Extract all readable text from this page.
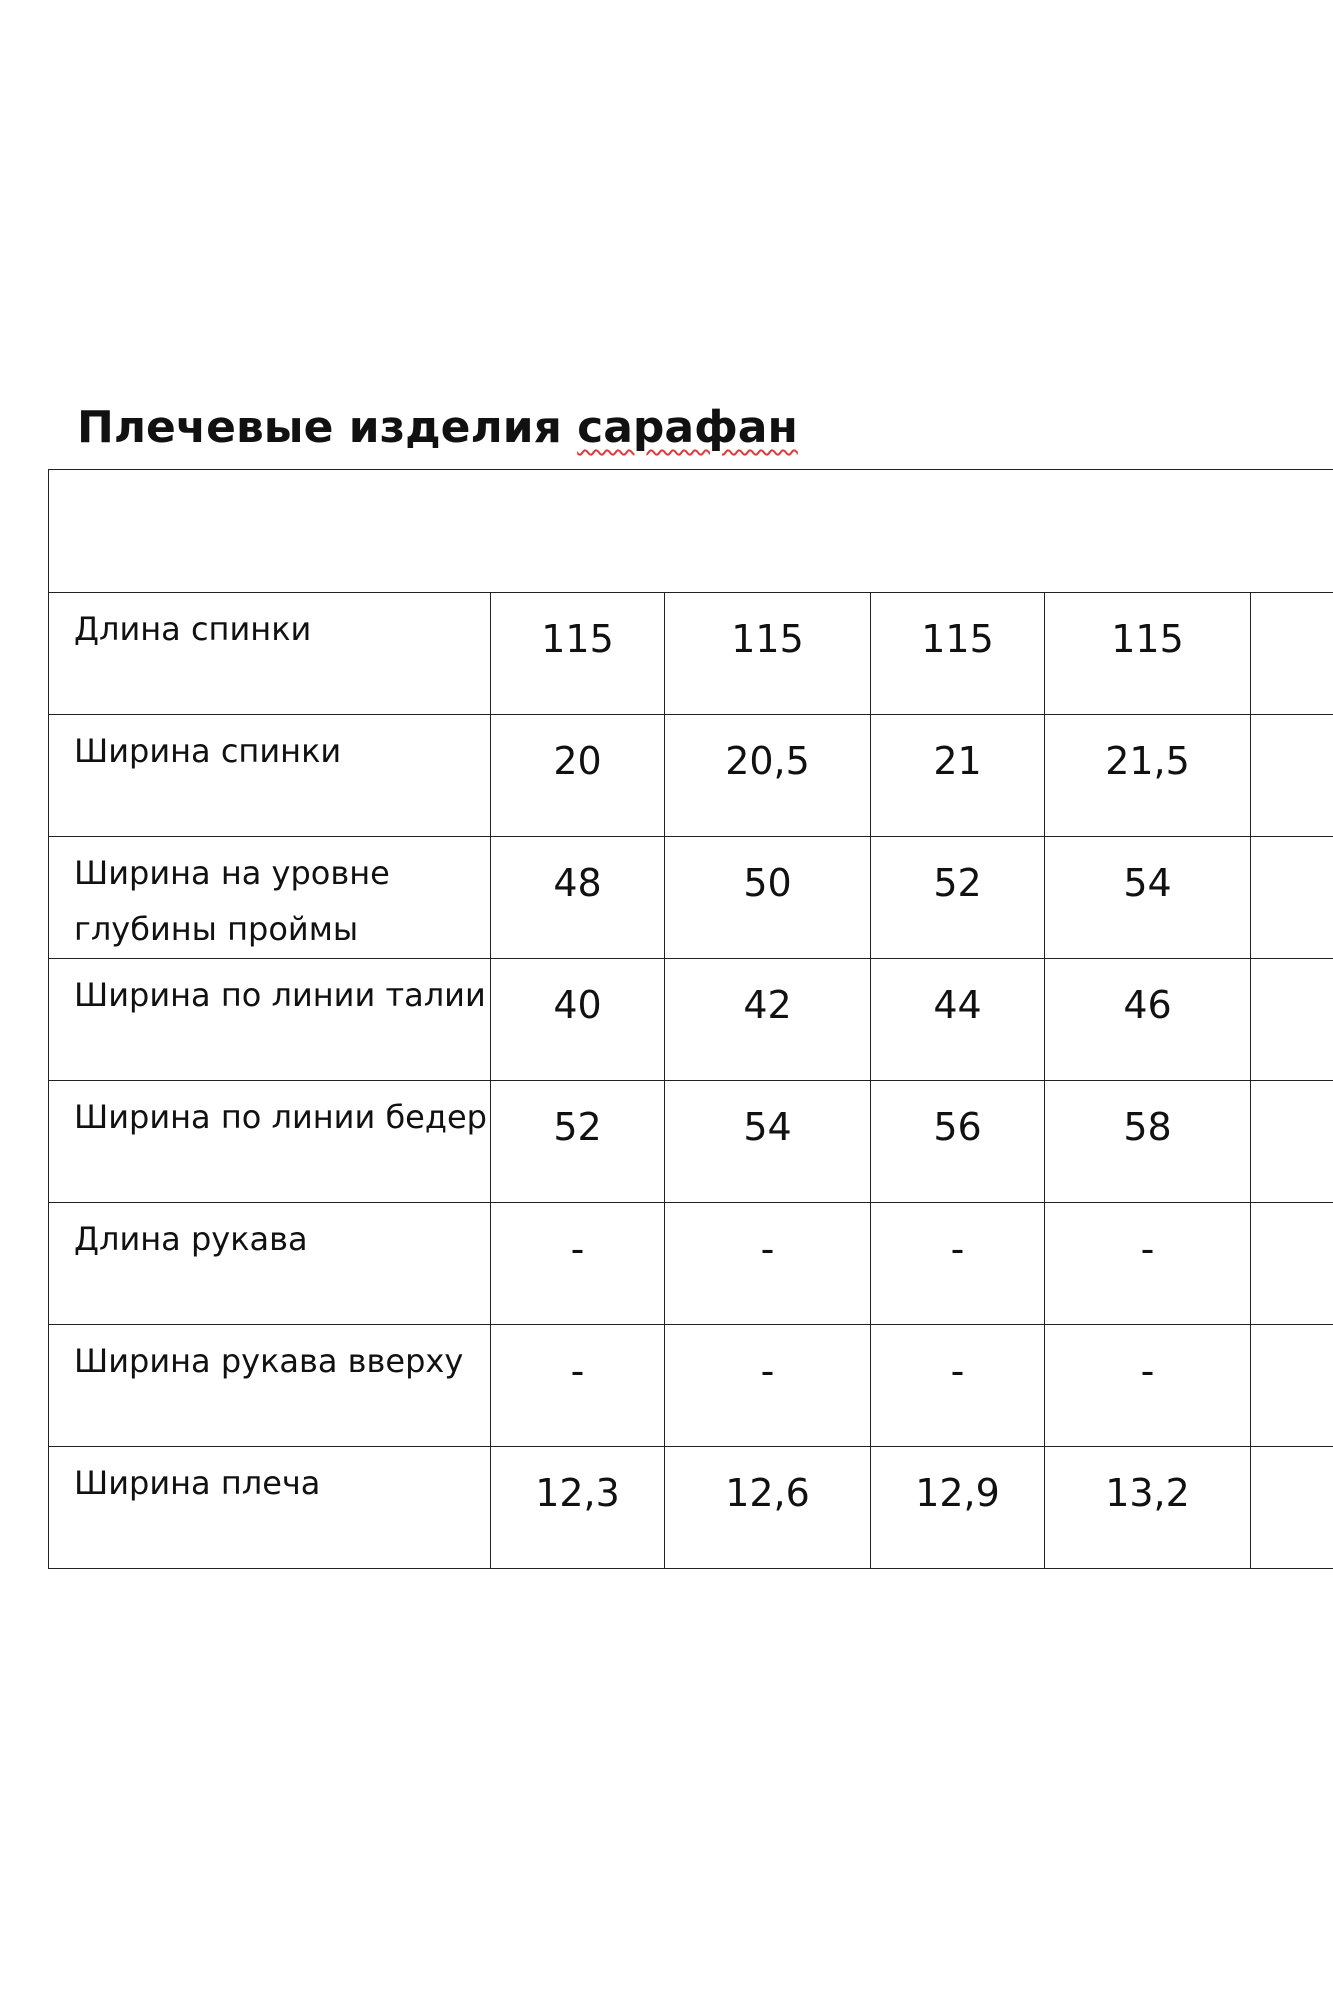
Плечевые изделия сарафан

Длина спинки	115	115	115	115	
Ширина спинки	20	20,5	21	21,5	
Ширина на уровне глубины проймы	48	50	52	54	
Ширина по линии талии	40	42	44	46	
Ширина по линии бедер	52	54	56	58	
Длина рукава	-	-	-	-	
Ширина рукава вверху	-	-	-	-	
Ширина плеча	12,3	12,6	12,9	13,2	
